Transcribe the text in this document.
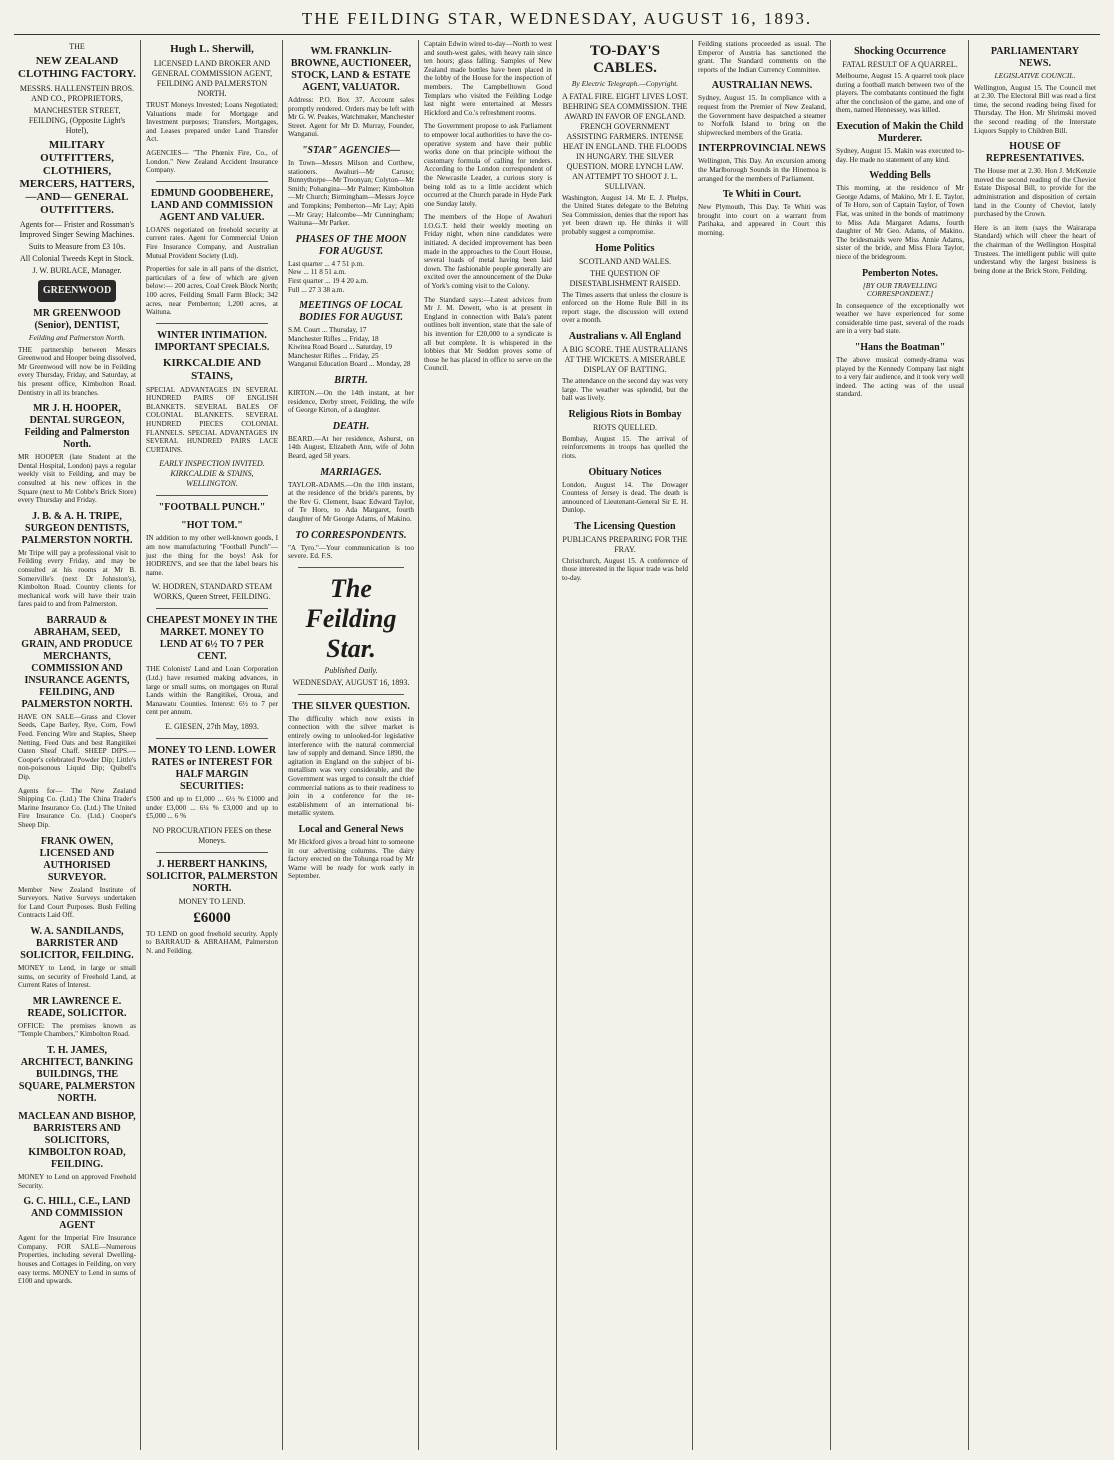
THE FEILDING STAR, WEDNESDAY, AUGUST 16, 1893.
THE
NEW ZEALAND CLOTHING FACTORY.
MESSRS. HALLENSTEIN BROS. AND CO., PROPRIETORS,
MANCHESTER STREET, FEILDING, (Opposite Light's Hotel),
MILITARY OUTFITTERS, CLOTHIERS, MERCERS, HATTERS, —AND— GENERAL OUTFITTERS.
Agents for— Frister and Rossman's Improved Singer Sewing Machines.
Suits to Measure from £3 10s.
All Colonial Tweeds Kept in Stock.
J. W. BURLACE, Manager.
GREENWOOD
MR GREENWOOD (Senior), DENTIST,
Feilding and Palmerston North.
THE partnership between Messrs Greenwood and Hooper being dissolved, Mr Greenwood will now be in Feilding every Thursday, Friday, and Saturday, at his present office, Kimbolton Road. Dentistry in all its branches.
MR J. H. HOOPER, DENTAL SURGEON, Feilding and Palmerston North.
MR HOOPER (late Student at the Dental Hospital, London) pays a regular weekly visit to Feilding, and may be consulted at his new offices in the Square (next to Mr Cobbe's Brick Store) every Thursday and Friday.
J. B. & A. H. TRIPE, SURGEON DENTISTS, PALMERSTON NORTH.
Mr Tripe will pay a professional visit to Feilding every Friday, and may be consulted at his rooms at Mr B. Somerville's (next Dr Johnston's), Kimbolton Road. Country clients for mechanical work will have their train fares paid to and from Palmerston.
BARRAUD & ABRAHAM, SEED, GRAIN, AND PRODUCE MERCHANTS, COMMISSION AND INSURANCE AGENTS, FEILDING, AND PALMERSTON NORTH.
HAVE ON SALE—Grass and Clover Seeds, Cape Barley, Rye, Corn, Fowl Feed. Fencing Wire and Staples, Sheep Netting. Feed Oats and best Rangitikei Oaten Sheaf Chaff. SHEEP DIPS.—Cooper's celebrated Powder Dip; Little's non-poisonous Liquid Dip; Quibell's Dip.
Agents for— The New Zealand Shipping Co. (Ltd.) The China Trader's Marine Insurance Co. (Ltd.) The United Fire Insurance Co. (Ltd.) Cooper's Sheep Dip.
FRANK OWEN, LICENSED AND AUTHORISED SURVEYOR.
Member New Zealand Institute of Surveyors. Native Surveys undertaken for Land Court Purposes. Bush Felling Contracts Laid Off.
W. A. SANDILANDS, BARRISTER AND SOLICITOR, FEILDING.
MONEY to Lend, in large or small sums, on security of Freehold Land, at Current Rates of Interest.
MR LAWRENCE E. READE, SOLICITOR.
OFFICE: The premises known as "Temple Chambers," Kimbolton Road.
T. H. JAMES, ARCHITECT, BANKING BUILDINGS, THE SQUARE, PALMERSTON NORTH.
MACLEAN AND BISHOP, BARRISTERS AND SOLICITORS, KIMBOLTON ROAD, FEILDING.
MONEY to Lend on approved Freehold Security.
G. C. HILL, C.E., LAND AND COMMISSION AGENT
Agent for the Imperial Fire Insurance Company. FOR SALE—Numerous Properties, including several Dwelling-houses and Cottages in Feilding, on very easy terms. MONEY to Lend in sums of £100 and upwards.
Hugh L. Sherwill,
LICENSED LAND BROKER AND GENERAL COMMISSION AGENT, FEILDING AND PALMERSTON NORTH.
TRUST Moneys Invested; Loans Negotiated; Valuations made for Mortgage and Investment purposes; Transfers, Mortgages, and Leases prepared under Land Transfer Act.
AGENCIES— "The Phœnix Fire, Co., of London." New Zealand Accident Insurance Company.
EDMUND GOODBEHERE, LAND AND COMMISSION AGENT AND VALUER.
LOANS negotiated on freehold security at current rates. Agent for Commercial Union Fire Insurance Company, and Australian Mutual Provident Society (Ltd).
Properties for sale in all parts of the district, particulars of a few of which are given below:— 200 acres, Coal Creek Block North; 100 acres, Feilding Small Farm Block; 342 acres, near Pemberton; 1,200 acres, at Waituna.
WINTER INTIMATION. IMPORTANT SPECIALS.
KIRKCALDIE AND STAINS,
SPECIAL ADVANTAGES IN SEVERAL HUNDRED PAIRS OF ENGLISH BLANKETS. SEVERAL BALES OF COLONIAL BLANKETS. SEVERAL HUNDRED PIECES COLONIAL FLANNELS. SPECIAL ADVANTAGES IN SEVERAL HUNDRED PAIRS LACE CURTAINS.
EARLY INSPECTION INVITED. KIRKCALDIE & STAINS, WELLINGTON.
"FOOTBALL PUNCH."
"HOT TOM."
IN addition to my other well-known goods, I am now manufacturing "Football Punch"—just the thing for the boys! Ask for HODREN'S, and see that the label bears his name.
W. HODREN, STANDARD STEAM WORKS, Queen Street, FEILDING.
CHEAPEST MONEY IN THE MARKET. MONEY TO LEND AT 6½ TO 7 PER CENT.
THE Colonists' Land and Loan Corporation (Ltd.) have resumed making advances, in large or small sums, on mortgages on Rural Lands within the Rangitikei, Oroua, and Manawatu Counties. Interest: 6½ to 7 per cent per annum.
E. GIESEN, 27th May, 1893.
MONEY TO LEND. LOWER RATES or INTEREST FOR HALF MARGIN SECURITIES:
£500 and up to £1,000 ... 6½ % £1000 and under £3,000 ... 6¼ % £3,000 and up to £5,000 ... 6 %
NO PROCURATION FEES on these Moneys.
J. HERBERT HANKINS, SOLICITOR, PALMERSTON NORTH.
MONEY TO LEND.
£6000
TO LEND on good freehold security. Apply to BARRAUD & ABRAHAM, Palmerston N. and Feilding.
WM. FRANKLIN-BROWNE, AUCTIONEER, STOCK, LAND & ESTATE AGENT, VALUATOR.
Address: P.O. Box 37. Account sales promptly rendered. Orders may be left with Mr G. W. Peakes, Watchmaker, Manchester Street. Agent for Mr D. Murray, Founder, Wanganui.
"STAR" AGENCIES—
In Town—Messrs Milson and Corthew, stationers. Awahuri—Mr Caruso; Bunnythorpe—Mr Troonyan; Colyton—Mr Smith; Pohangina—Mr Palmer; Kimbolton—Mr Church; Birmingham—Messrs Joyce and Tompkins; Pemberton—Mr Lay; Apiti—Mr Gray; Halcombe—Mr Cunningham; Waituna—Mr Parker.
PHASES OF THE MOON FOR AUGUST.
Last quarter ... 4 7 51 p.m.
New ... 11 8 51 a.m.
First quarter ... 19 4 20 a.m.
Full ... 27 3 38 a.m.
MEETINGS OF LOCAL BODIES FOR AUGUST.
S.M. Court ... Thursday, 17
Manchester Rifles ... Friday, 18
Kiwitea Road Board ... Saturday, 19
Manchester Rifles ... Friday, 25
Wanganui Education Board ... Monday, 28
BIRTH.
KIRTON.—On the 14th instant, at her residence, Derby street, Feilding, the wife of George Kirton, of a daughter.
DEATH.
BEARD.—At her residence, Ashurst, on 14th August, Elizabeth Ann, wife of John Beard, aged 58 years.
MARRIAGES.
TAYLOR-ADAMS.—On the 10th instant, at the residence of the bride's parents, by the Rev G. Clement, Isaac Edward Taylor, of Te Horo, to Ada Margaret, fourth daughter of Mr George Adams, of Makino.
TO CORRESPONDENTS.
"A Tyro."—Your communication is too severe. Ed. F.S.
The Feilding Star.
Published Daily.
WEDNESDAY, AUGUST 16, 1893.
THE SILVER QUESTION.
The difficulty which now exists in connection with the silver market is entirely owing to unlooked-for legislative interference with the natural commercial law of supply and demand. Since 1890, the agitation in England on the subject of bi-metallism was very considerable, and the Government was urged to consult the chief commercial nations as to their readiness to join in a conference for the re-establishment of an international bi-metallic system.
Local and General News
Mr Hickford gives a broad hint to someone in our advertising columns. The dairy factory erected on the Tohunga road by Mr Warne will be ready for work early in September.
Captain Edwin wired to-day—North to west and south-west gales, with heavy rain since ten hours; glass falling. Samples of New Zealand made bottles have been placed in the lobby of the House for the inspection of members. The Campbelltown Good Templars who visited the Feilding Lodge last night were entertained at Messrs Hickford and Co.'s refreshment rooms.
The Government propose to ask Parliament to empower local authorities to have the co-operative system and have their public works done on that principle without the customary formula of calling for tenders. According to the London correspondent of the Newcastle Leader, a curious story is being told as to a little accident which occurred at the Church parade in Hyde Park one Sunday lately.
The members of the Hope of Awahuri I.O.G.T. held their weekly meeting on Friday night, when nine candidates were initiated. A decided improvement has been made in the approaches to the Court House, several loads of metal having been laid down. The fashionable people generally are excited over the announcement of the Duke of York's coming visit to the Colony.
The Standard says:—Latest advices from Mr J. M. Dewett, who is at present in England in connection with Bala's patent outlines bolt invention, state that the sale of his invention for £20,000 to a syndicate is all but complete. It is whispered in the lobbies that Mr Seddon proves some of those he has placed in office to serve on the Council.
TO-DAY'S CABLES.
By Electric Telegraph.—Copyright.
A FATAL FIRE. EIGHT LIVES LOST. BEHRING SEA COMMISSION. THE AWARD IN FAVOR OF ENGLAND. FRENCH GOVERNMENT ASSISTING FARMERS. INTENSE HEAT IN ENGLAND. THE FLOODS IN HUNGARY. THE SILVER QUESTION. MORE LYNCH LAW. AN ATTEMPT TO SHOOT J. L. SULLIVAN.
Washington, August 14. Mr E. J. Phelps, the United States delegate to the Behring Sea Commission, denies that the report has yet been drawn up. He thinks it will probably suggest a compromise.
Home Politics
SCOTLAND AND WALES.
THE QUESTION OF DISESTABLISHMENT RAISED.
The Times asserts that unless the closure is enforced on the Home Rule Bill in its report stage, the discussion will extend over a month.
Australians v. All England
A BIG SCORE. THE AUSTRALIANS AT THE WICKETS. A MISERABLE DISPLAY OF BATTING.
The attendance on the second day was very large. The weather was splendid, but the ball was lively.
Religious Riots in Bombay
RIOTS QUELLED.
Bombay, August 15. The arrival of reinforcements in troops has quelled the riots.
Obituary Notices
London, August 14. The Dowager Countess of Jersey is dead. The death is announced of Lieutenant-General Sir E. H. Dunlop.
The Licensing Question
PUBLICANS PREPARING FOR THE FRAY.
Christchurch, August 15. A conference of those interested in the liquor trade was held to-day.
Feilding stations proceeded as usual. The Emperor of Austria has sanctioned the grant. The Standard comments on the reports of the Indian Currency Committee.
AUSTRALIAN NEWS.
Sydney, August 15. In compliance with a request from the Premier of New Zealand, the Government have despatched a steamer to Norfolk Island to bring on the shipwrecked members of the Gratia.
INTERPROVINCIAL NEWS
Wellington, This Day. An excursion among the Marlborough Sounds in the Hinemoa is arranged for the members of Parliament.
Te Whiti in Court.
New Plymouth, This Day. Te Whiti was brought into court on a warrant from Parihaka, and appeared in Court this morning.
Shocking Occurrence
FATAL RESULT OF A QUARREL.
Melbourne, August 15. A quarrel took place during a football match between two of the players. The combatants continued the fight after the conclusion of the game, and one of them, named Hennessey, was killed.
Execution of Makin the Child Murderer.
Sydney, August 15. Makin was executed to-day. He made no statement of any kind.
Wedding Bells
This morning, at the residence of Mr George Adams, of Makino, Mr I. E. Taylor, of Te Horo, son of Captain Taylor, of Town Flat, was united in the bonds of matrimony to Miss Ada Margaret Adams, fourth daughter of Mr Geo. Adams, of Makino. The bridesmaids were Miss Annie Adams, sister of the bride, and Miss Flora Taylor, niece of the bridegroom.
Pemberton Notes.
[BY OUR TRAVELLING CORRESPONDENT.]
In consequence of the exceptionally wet weather we have experienced for some considerable time past, several of the roads are in a very bad state.
"Hans the Boatman"
The above musical comedy-drama was played by the Kennedy Company last night to a very fair audience, and it took very well indeed. The acting was of the usual standard.
PARLIAMENTARY NEWS.
LEGISLATIVE COUNCIL.
Wellington, August 15. The Council met at 2.30. The Electoral Bill was read a first time, the second reading being fixed for Thursday. The Hon. Mr Shrimski moved the second reading of the Interstate Liquors Supply to Children Bill.
HOUSE OF REPRESENTATIVES.
The House met at 2.30. Hon J. McKenzie moved the second reading of the Cheviot Estate Disposal Bill, to provide for the administration and disposition of certain land in the County of Cheviot, lately purchased by the Crown.
Here is an item (says the Wairarapa Standard) which will cheer the heart of the chairman of the Wellington Hospital Trustees. The intelligent public will quite understand why the largest business is being done at the Brick Store, Feilding.
